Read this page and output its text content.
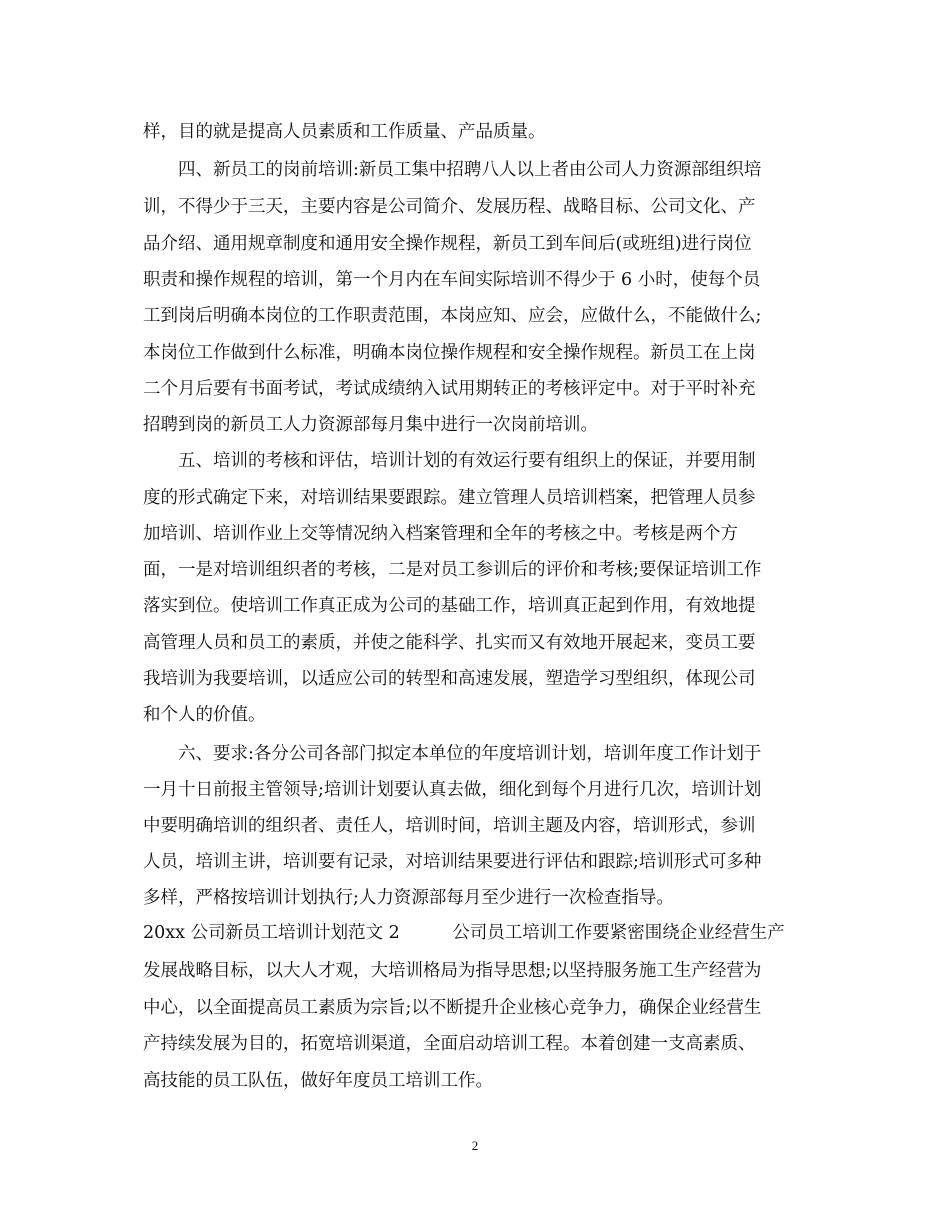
样，目的就是提高人员素质和工作质量、产品质量。
　　四、新员工的岗前培训:新员工集中招聘八人以上者由公司人力资源部组织培
训，不得少于三天，主要内容是公司简介、发展历程、战略目标、公司文化、产
品介绍、通用规章制度和通用安全操作规程，新员工到车间后(或班组)进行岗位
职责和操作规程的培训，第一个月内在车间实际培训不得少于 6 小时，使每个员
工到岗后明确本岗位的工作职责范围，本岗应知、应会，应做什么，不能做什么;
本岗位工作做到什么标准，明确本岗位操作规程和安全操作规程。新员工在上岗
二个月后要有书面考试，考试成绩纳入试用期转正的考核评定中。对于平时补充
招聘到岗的新员工人力资源部每月集中进行一次岗前培训。
　　五、培训的考核和评估，培训计划的有效运行要有组织上的保证，并要用制
度的形式确定下来，对培训结果要跟踪。建立管理人员培训档案，把管理人员参
加培训、培训作业上交等情况纳入档案管理和全年的考核之中。考核是两个方
面，一是对培训组织者的考核，二是对员工参训后的评价和考核;要保证培训工作
落实到位。使培训工作真正成为公司的基础工作，培训真正起到作用，有效地提
高管理人员和员工的素质，并使之能科学、扎实而又有效地开展起来，变员工要
我培训为我要培训，以适应公司的转型和高速发展，塑造学习型组织，体现公司
和个人的价值。
　　六、要求:各分公司各部门拟定本单位的年度培训计划，培训年度工作计划于
一月十日前报主管领导;培训计划要认真去做，细化到每个月进行几次，培训计划
中要明确培训的组织者、责任人，培训时间，培训主题及内容，培训形式，参训
人员，培训主讲，培训要有记录，对培训结果要进行评估和跟踪;培训形式可多种
多样，严格按培训计划执行;人力资源部每月至少进行一次检查指导。
20xx 公司新员工培训计划范文 2　　　公司员工培训工作要紧密围绕企业经营生产
发展战略目标，以大人才观，大培训格局为指导思想;以坚持服务施工生产经营为
中心，以全面提高员工素质为宗旨;以不断提升企业核心竞争力，确保企业经营生
产持续发展为目的，拓宽培训渠道，全面启动培训工程。本着创建一支高素质、
高技能的员工队伍，做好年度员工培训工作。
2
